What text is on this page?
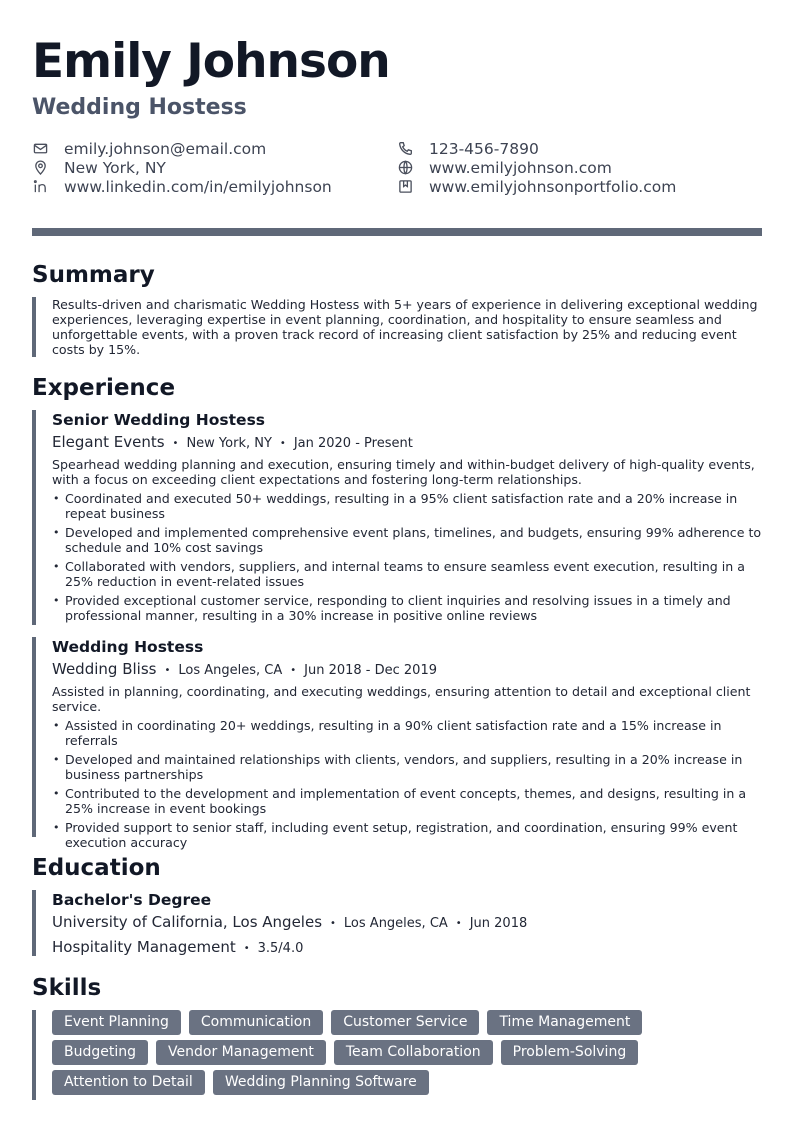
Emily Johnson
Wedding Hostess
emily.johnson@email.com	123-456-7890
New York, NY	www.emilyjohnson.com
www.linkedin.com/in/emilyjohnson	www.emilyjohnsonportfolio.com
Summary
Results-driven and charismatic Wedding Hostess with 5+ years of experience in delivering exceptional wedding experiences, leveraging expertise in event planning, coordination, and hospitality to ensure seamless and unforgettable events, with a proven track record of increasing client satisfaction by 25% and reducing event costs by 15%.
Experience
Senior Wedding Hostess
Elegant Events • New York, NY • Jan 2020 - Present
Spearhead wedding planning and execution, ensuring timely and within-budget delivery of high-quality events, with a focus on exceeding client expectations and fostering long-term relationships.
• Coordinated and executed 50+ weddings, resulting in a 95% client satisfaction rate and a 20% increase in repeat business
• Developed and implemented comprehensive event plans, timelines, and budgets, ensuring 99% adherence to schedule and 10% cost savings
• Collaborated with vendors, suppliers, and internal teams to ensure seamless event execution, resulting in a 25% reduction in event-related issues
• Provided exceptional customer service, responding to client inquiries and resolving issues in a timely and professional manner, resulting in a 30% increase in positive online reviews
Wedding Hostess
Wedding Bliss • Los Angeles, CA • Jun 2018 - Dec 2019
Assisted in planning, coordinating, and executing weddings, ensuring attention to detail and exceptional client service.
• Assisted in coordinating 20+ weddings, resulting in a 90% client satisfaction rate and a 15% increase in referrals
• Developed and maintained relationships with clients, vendors, and suppliers, resulting in a 20% increase in business partnerships
• Contributed to the development and implementation of event concepts, themes, and designs, resulting in a 25% increase in event bookings
• Provided support to senior staff, including event setup, registration, and coordination, ensuring 99% event execution accuracy
Education
Bachelor's Degree
University of California, Los Angeles • Los Angeles, CA • Jun 2018
Hospitality Management • 3.5/4.0
Skills
Event Planning	Communication	Customer Service	Time Management
Budgeting	Vendor Management	Team Collaboration	Problem-Solving
Attention to Detail	Wedding Planning Software
